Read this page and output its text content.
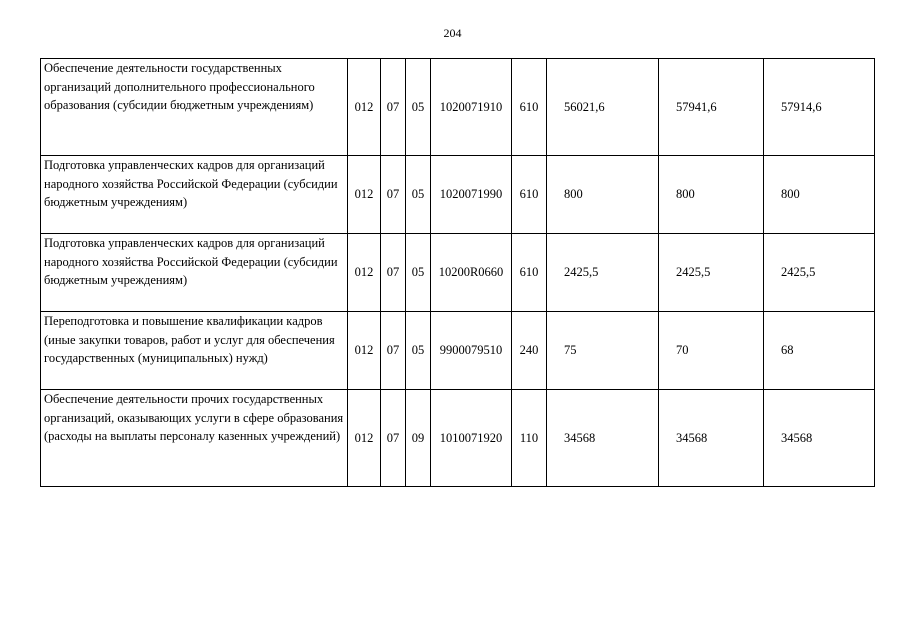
204
Обеспечение деятельности государственных организаций дополнительного профессионального образования (субсидии бюджетным учреждениям)	012	07	05	1020071910	610	56021,6	57941,6	57914,6
Подготовка управленческих кадров для организаций народного хозяйства Российской Федерации (субсидии бюджетным учреждениям)	012	07	05	1020071990	610	800	800	800
Подготовка управленческих кадров для организаций народного хозяйства Российской Федерации (субсидии бюджетным учреждениям)	012	07	05	10200R0660	610	2425,5	2425,5	2425,5
Переподготовка и повышение квалификации кадров (иные закупки товаров, работ и услуг для обеспечения государственных (муниципальных) нужд)	012	07	05	9900079510	240	75	70	68
Обеспечение деятельности прочих государственных организаций, оказывающих услуги в сфере образования (расходы на выплаты персоналу казенных учреждений)	012	07	09	1010071920	110	34568	34568	34568
